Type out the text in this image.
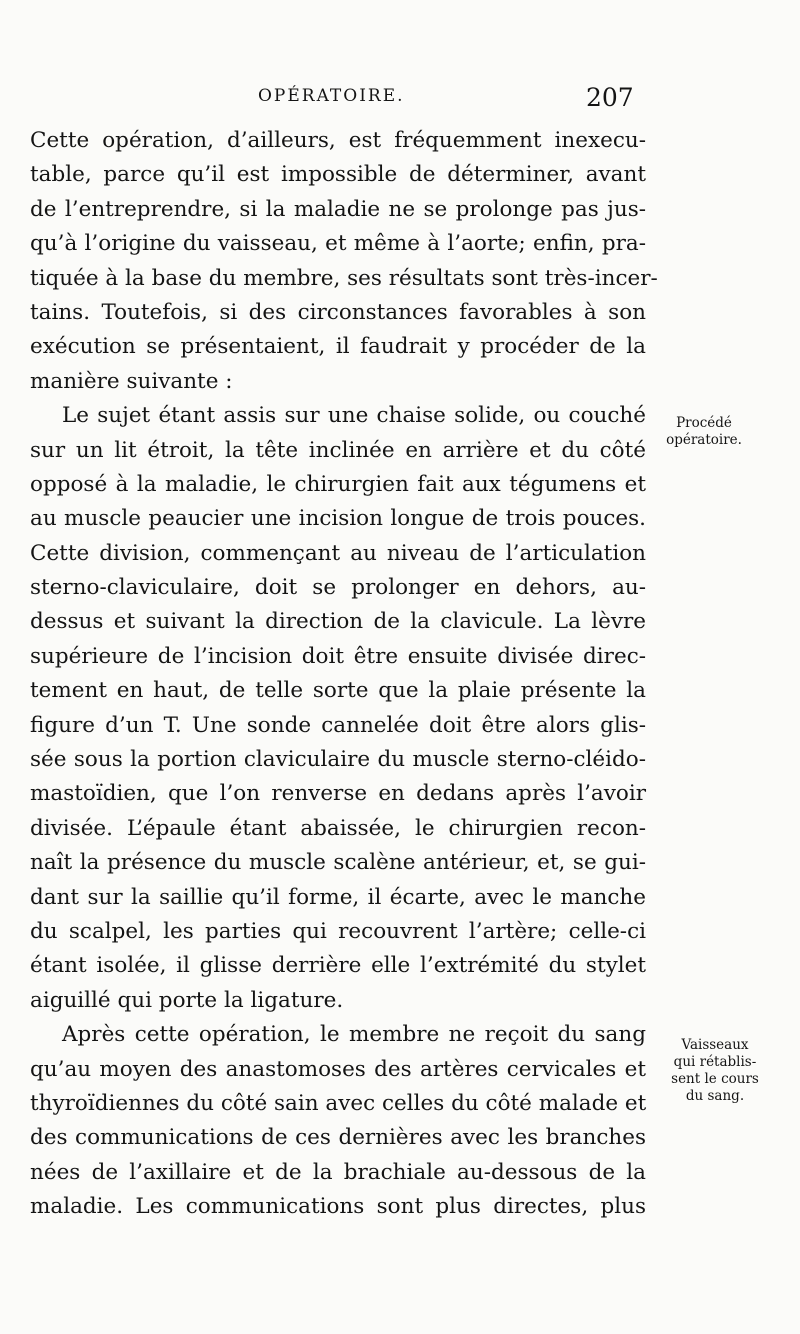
OPÉRATOIRE.	207
Cette opération, d’ailleurs, est fréquemment inexecu-
table, parce qu’il est impossible de déterminer, avant
de l’entreprendre, si la maladie ne se prolonge pas jus-
qu’à l’origine du vaisseau, et même à l’aorte; enfin, pra-
tiquée à la base du membre, ses résultats sont très-incer-
tains. Toutefois, si des circonstances favorables à son
exécution se présentaient, il faudrait y procéder de la
manière suivante :
Le sujet étant assis sur une chaise solide, ou couché
sur un lit étroit, la tête inclinée en arrière et du côté
opposé à la maladie, le chirurgien fait aux tégumens et
au muscle peaucier une incision longue de trois pouces.
Cette division, commençant au niveau de l’articulation
sterno-claviculaire, doit se prolonger en dehors, au-
dessus et suivant la direction de la clavicule. La lèvre
supérieure de l’incision doit être ensuite divisée direc-
tement en haut, de telle sorte que la plaie présente la
figure d’un T. Une sonde cannelée doit être alors glis-
sée sous la portion claviculaire du muscle sterno-cléido-
mastoïdien, que l’on renverse en dedans après l’avoir
divisée. L’épaule étant abaissée, le chirurgien recon-
naît la présence du muscle scalène antérieur, et, se gui-
dant sur la saillie qu’il forme, il écarte, avec le manche
du scalpel, les parties qui recouvrent l’artère; celle-ci
étant isolée, il glisse derrière elle l’extrémité du stylet
aiguillé qui porte la ligature.
Après cette opération, le membre ne reçoit du sang
qu’au moyen des anastomoses des artères cervicales et
thyroïdiennes du côté sain avec celles du côté malade et
des communications de ces dernières avec les branches
nées de l’axillaire et de la brachiale au-dessous de la
maladie. Les communications sont plus directes, plus
Procédé
opératoire.
Vaisseaux
qui rétablis-
sent le cours
du sang.
